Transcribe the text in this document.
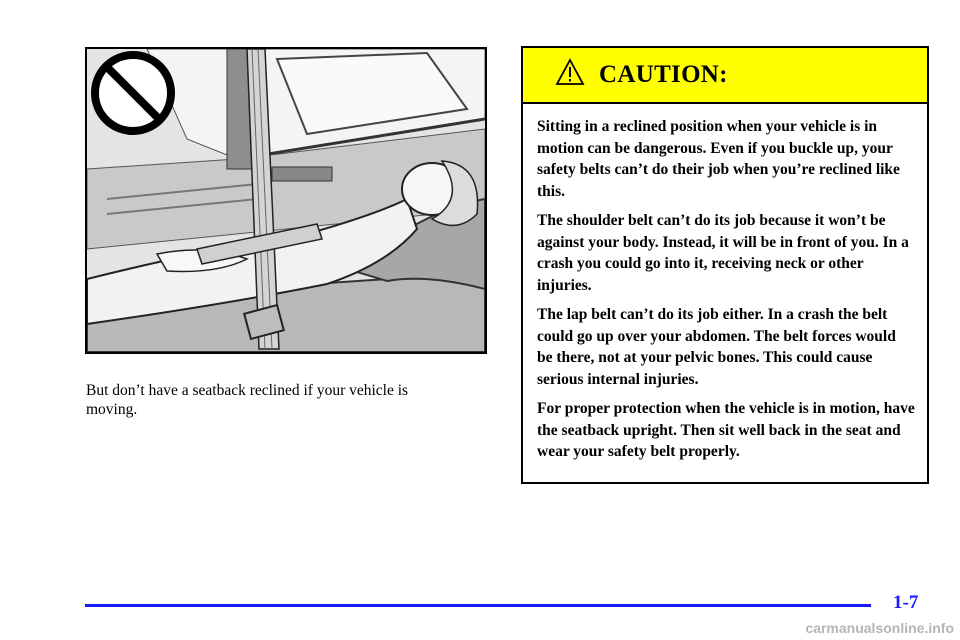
But don’t have a seatback reclined if your vehicle is moving.

CAUTION:

Sitting in a reclined position when your vehicle is in motion can be dangerous. Even if you buckle up, your safety belts can’t do their job when you’re reclined like this.

The shoulder belt can’t do its job because it won’t be against your body. Instead, it will be in front of you. In a crash you could go into it, receiving neck or other injuries.

The lap belt can’t do its job either. In a crash the belt could go up over your abdomen. The belt forces would be there, not at your pelvic bones. This could cause serious internal injuries.

For proper protection when the vehicle is in motion, have the seatback upright. Then sit well back in the seat and wear your safety belt properly.

1-7
carmanualsonline.info
